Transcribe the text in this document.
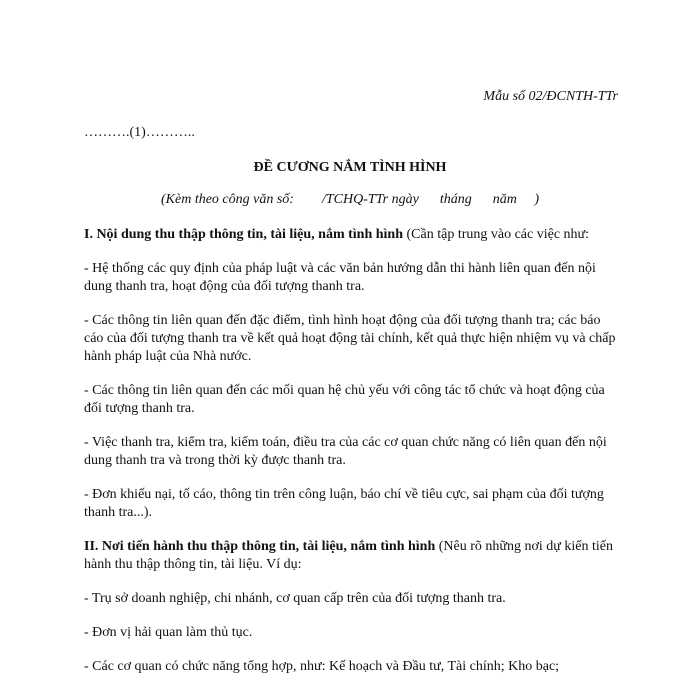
Mẫu số 02/ĐCNTH-TTr
……….(1)………..
ĐỀ CƯƠNG NẮM TÌNH HÌNH
(Kèm theo công văn số:        /TCHQ-TTr ngày      tháng      năm     )

I. Nội dung thu thập thông tin, tài liệu, nắm tình hình (Cần tập trung vào các việc như:

- Hệ thống các quy định của pháp luật và các văn bản hướng dẫn thi hành liên quan đến nội dung thanh tra, hoạt động của đối tượng thanh tra.

- Các thông tin liên quan đến đặc điểm, tình hình hoạt động của đối tượng thanh tra; các báo cáo của đối tượng thanh tra về kết quả hoạt động tài chính, kết quả thực hiện nhiệm vụ và chấp hành pháp luật của Nhà nước.

- Các thông tin liên quan đến các mối quan hệ chủ yếu với công tác tổ chức và hoạt động của đối tượng thanh tra.

- Việc thanh tra, kiểm tra, kiểm toán, điều tra của các cơ quan chức năng có liên quan đến nội dung thanh tra và trong thời kỳ được thanh tra.

- Đơn khiếu nại, tố cáo, thông tin trên công luận, báo chí về tiêu cực, sai phạm của đối tượng thanh tra...).

II. Nơi tiến hành thu thập thông tin, tài liệu, nắm tình hình (Nêu rõ những nơi dự kiến tiến hành thu thập thông tin, tài liệu. Ví dụ:

- Trụ sở doanh nghiệp, chi nhánh, cơ quan cấp trên của đối tượng thanh tra.

- Đơn vị hải quan làm thủ tục.

- Các cơ quan có chức năng tổng hợp, như: Kế hoạch và Đầu tư, Tài chính; Kho bạc;
